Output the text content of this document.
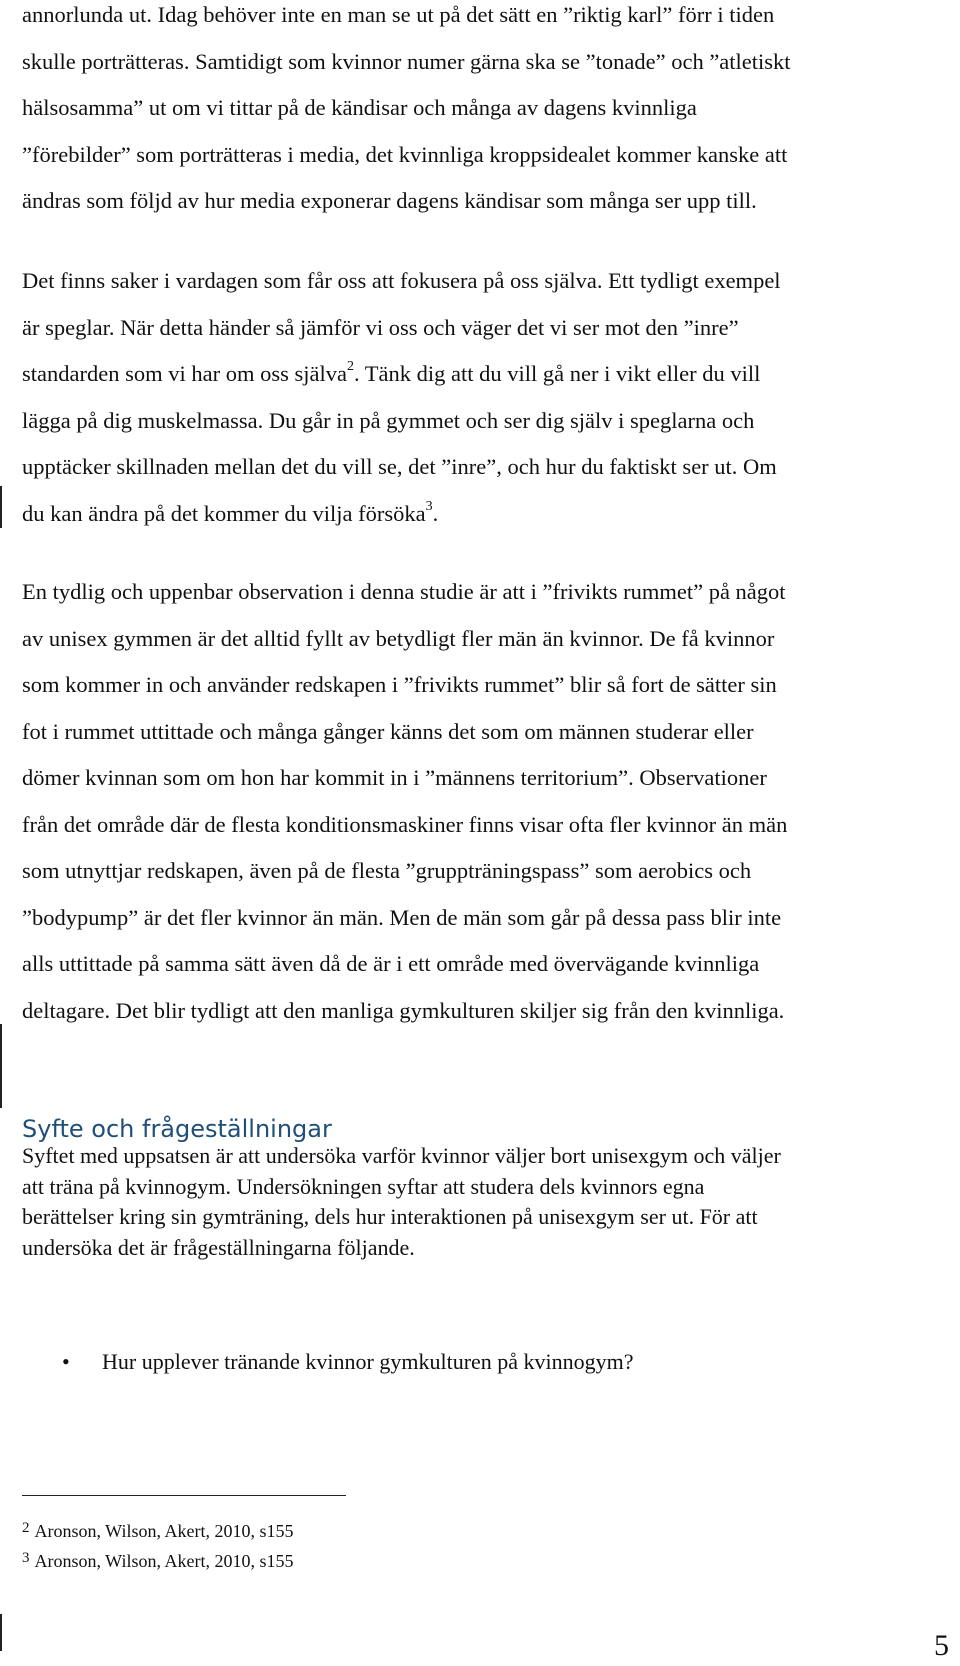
annorlunda ut. Idag behöver inte en man se ut på det sätt en ”riktig karl” förr i tiden
skulle porträtteras. Samtidigt som kvinnor numer gärna ska se ”tonade” och ”atletiskt
hälsosamma” ut om vi tittar på de kändisar och många av dagens kvinnliga
”förebilder” som porträtteras i media, det kvinnliga kroppsidealet kommer kanske att
ändras som följd av hur media exponerar dagens kändisar som många ser upp till.
Det finns saker i vardagen som får oss att fokusera på oss själva. Ett tydligt exempel
är speglar. När detta händer så jämför vi oss och väger det vi ser mot den ”inre”
standarden som vi har om oss själva$^2$. Tänk dig att du vill gå ner i vikt eller du vill
lägga på dig muskelmassa. Du går in på gymmet och ser dig själv i speglarna och
upptäcker skillnaden mellan det du vill se, det ”inre”, och hur du faktiskt ser ut. Om
du kan ändra på det kommer du vilja försöka$^3$.
En tydlig och uppenbar observation i denna studie är att i ”frivikts rummet” på något
av unisex gymmen är det alltid fyllt av betydligt fler män än kvinnor. De få kvinnor
som kommer in och använder redskapen i ”frivikts rummet” blir så fort de sätter sin
fot i rummet uttittade och många gånger känns det som om männen studerar eller
dömer kvinnan som om hon har kommit in i ”männens territorium”. Observationer
från det område där de flesta konditionsmaskiner finns visar ofta fler kvinnor än män
som utnyttjar redskapen, även på de flesta ”gruppträningspass” som aerobics och
”bodypump” är det fler kvinnor än män. Men de män som går på dessa pass blir inte
alls uttittade på samma sätt även då de är i ett område med övervägande kvinnliga
deltagare. Det blir tydligt att den manliga gymkulturen skiljer sig från den kvinnliga.
Syfte och frågeställningar
Syftet med uppsatsen är att undersöka varför kvinnor väljer bort unisexgym och väljer
att träna på kvinnogym. Undersökningen syftar att studera dels kvinnors egna
berättelser kring sin gymträning, dels hur interaktionen på unisexgym ser ut. För att
undersöka det är frågeställningarna följande.
• Hur upplever tränande kvinnor gymkulturen på kvinnogym?
$^2$ Aronson, Wilson, Akert, 2010, s155
$^3$ Aronson, Wilson, Akert, 2010, s155
5
